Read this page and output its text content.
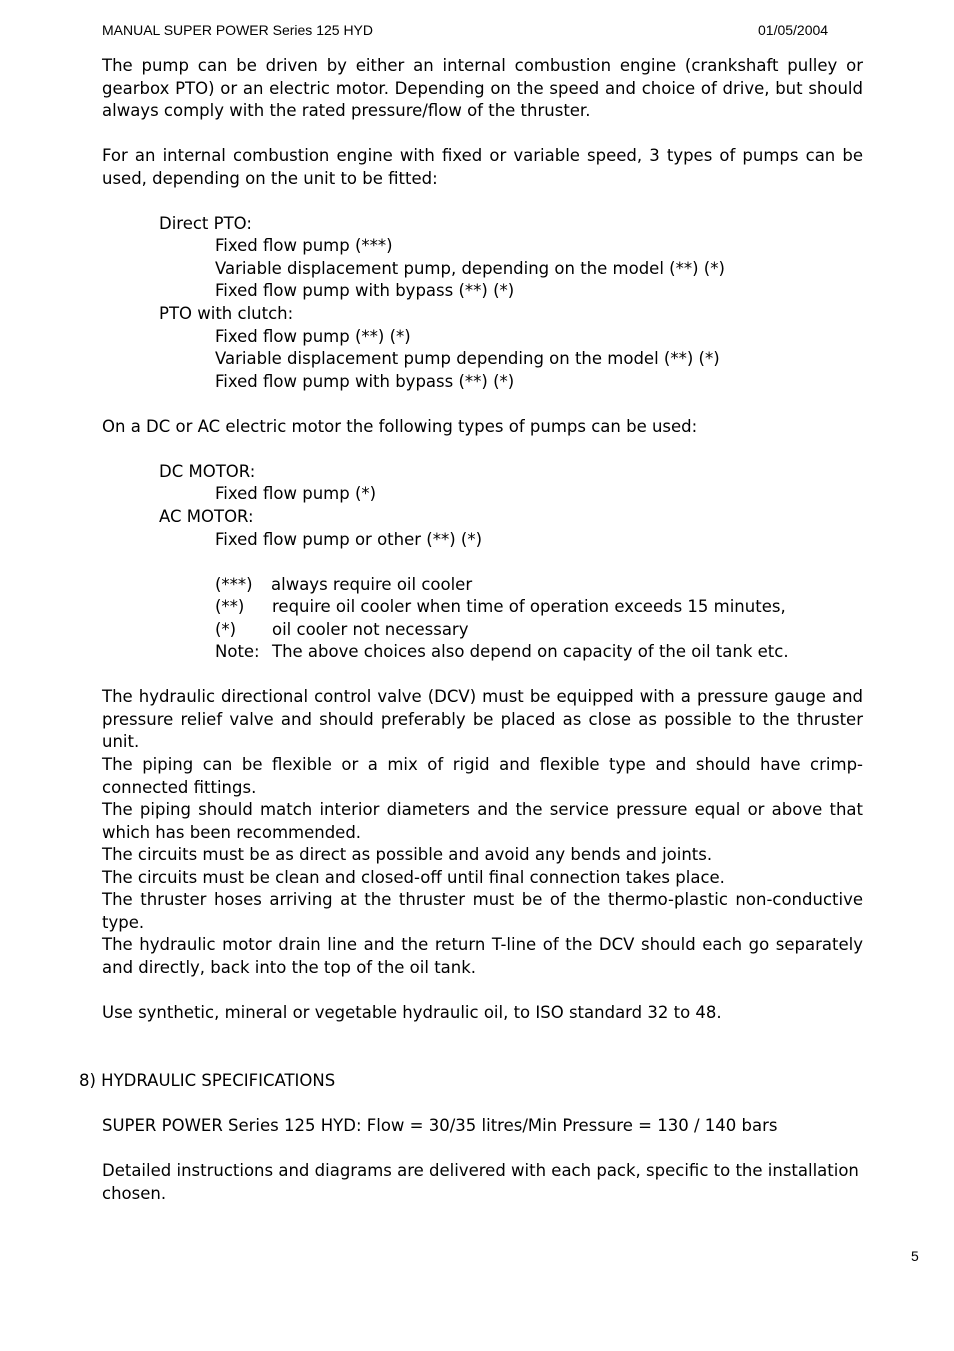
MANUAL SUPER POWER Series 125 HYD	01/05/2004

The pump can be driven by either an internal combustion engine (crankshaft pulley or gearbox PTO) or an electric motor. Depending on the speed and choice of drive, but should always comply with the rated pressure/flow of the thruster.

For an internal combustion engine with fixed or variable speed, 3 types of pumps can be used, depending on the unit to be fitted:

Direct PTO:

Fixed flow pump (***)

Variable displacement pump, depending on the model (**) (*)

Fixed flow pump with bypass (**) (*)

PTO with clutch:

Fixed flow pump (**) (*)

Variable displacement pump depending on the model (**) (*)

Fixed flow pump with bypass (**) (*)

On a DC or AC electric motor the following types of pumps can be used:

DC MOTOR:

Fixed flow pump (*)

AC MOTOR:

Fixed flow pump or other (**) (*)

(***) always require oil cooler

(**) require oil cooler when time of operation exceeds 15 minutes,

(*) oil cooler not necessary

Note: The above choices also depend on capacity of the oil tank etc.

The hydraulic directional control valve (DCV) must be equipped with a pressure gauge and pressure relief valve and should preferably be placed as close as possible to the thruster unit.

The piping can be flexible or a mix of rigid and flexible type and should have crimp-connected fittings.

The piping should match interior diameters and the service pressure equal or above that which has been recommended.

The circuits must be as direct as possible and avoid any bends and joints.

The circuits must be clean and closed-off until final connection takes place.

The thruster hoses arriving at the thruster must be of the thermo-plastic non-conductive type.

The hydraulic motor drain line and the return T-line of the DCV should each go separately and directly, back into the top of the oil tank.

Use synthetic, mineral or vegetable hydraulic oil, to ISO standard 32 to 48.

8) HYDRAULIC SPECIFICATIONS

SUPER POWER Series 125 HYD: Flow = 30/35 litres/Min Pressure = 130 / 140 bars

Detailed instructions and diagrams are delivered with each pack, specific to the installation chosen.

5
